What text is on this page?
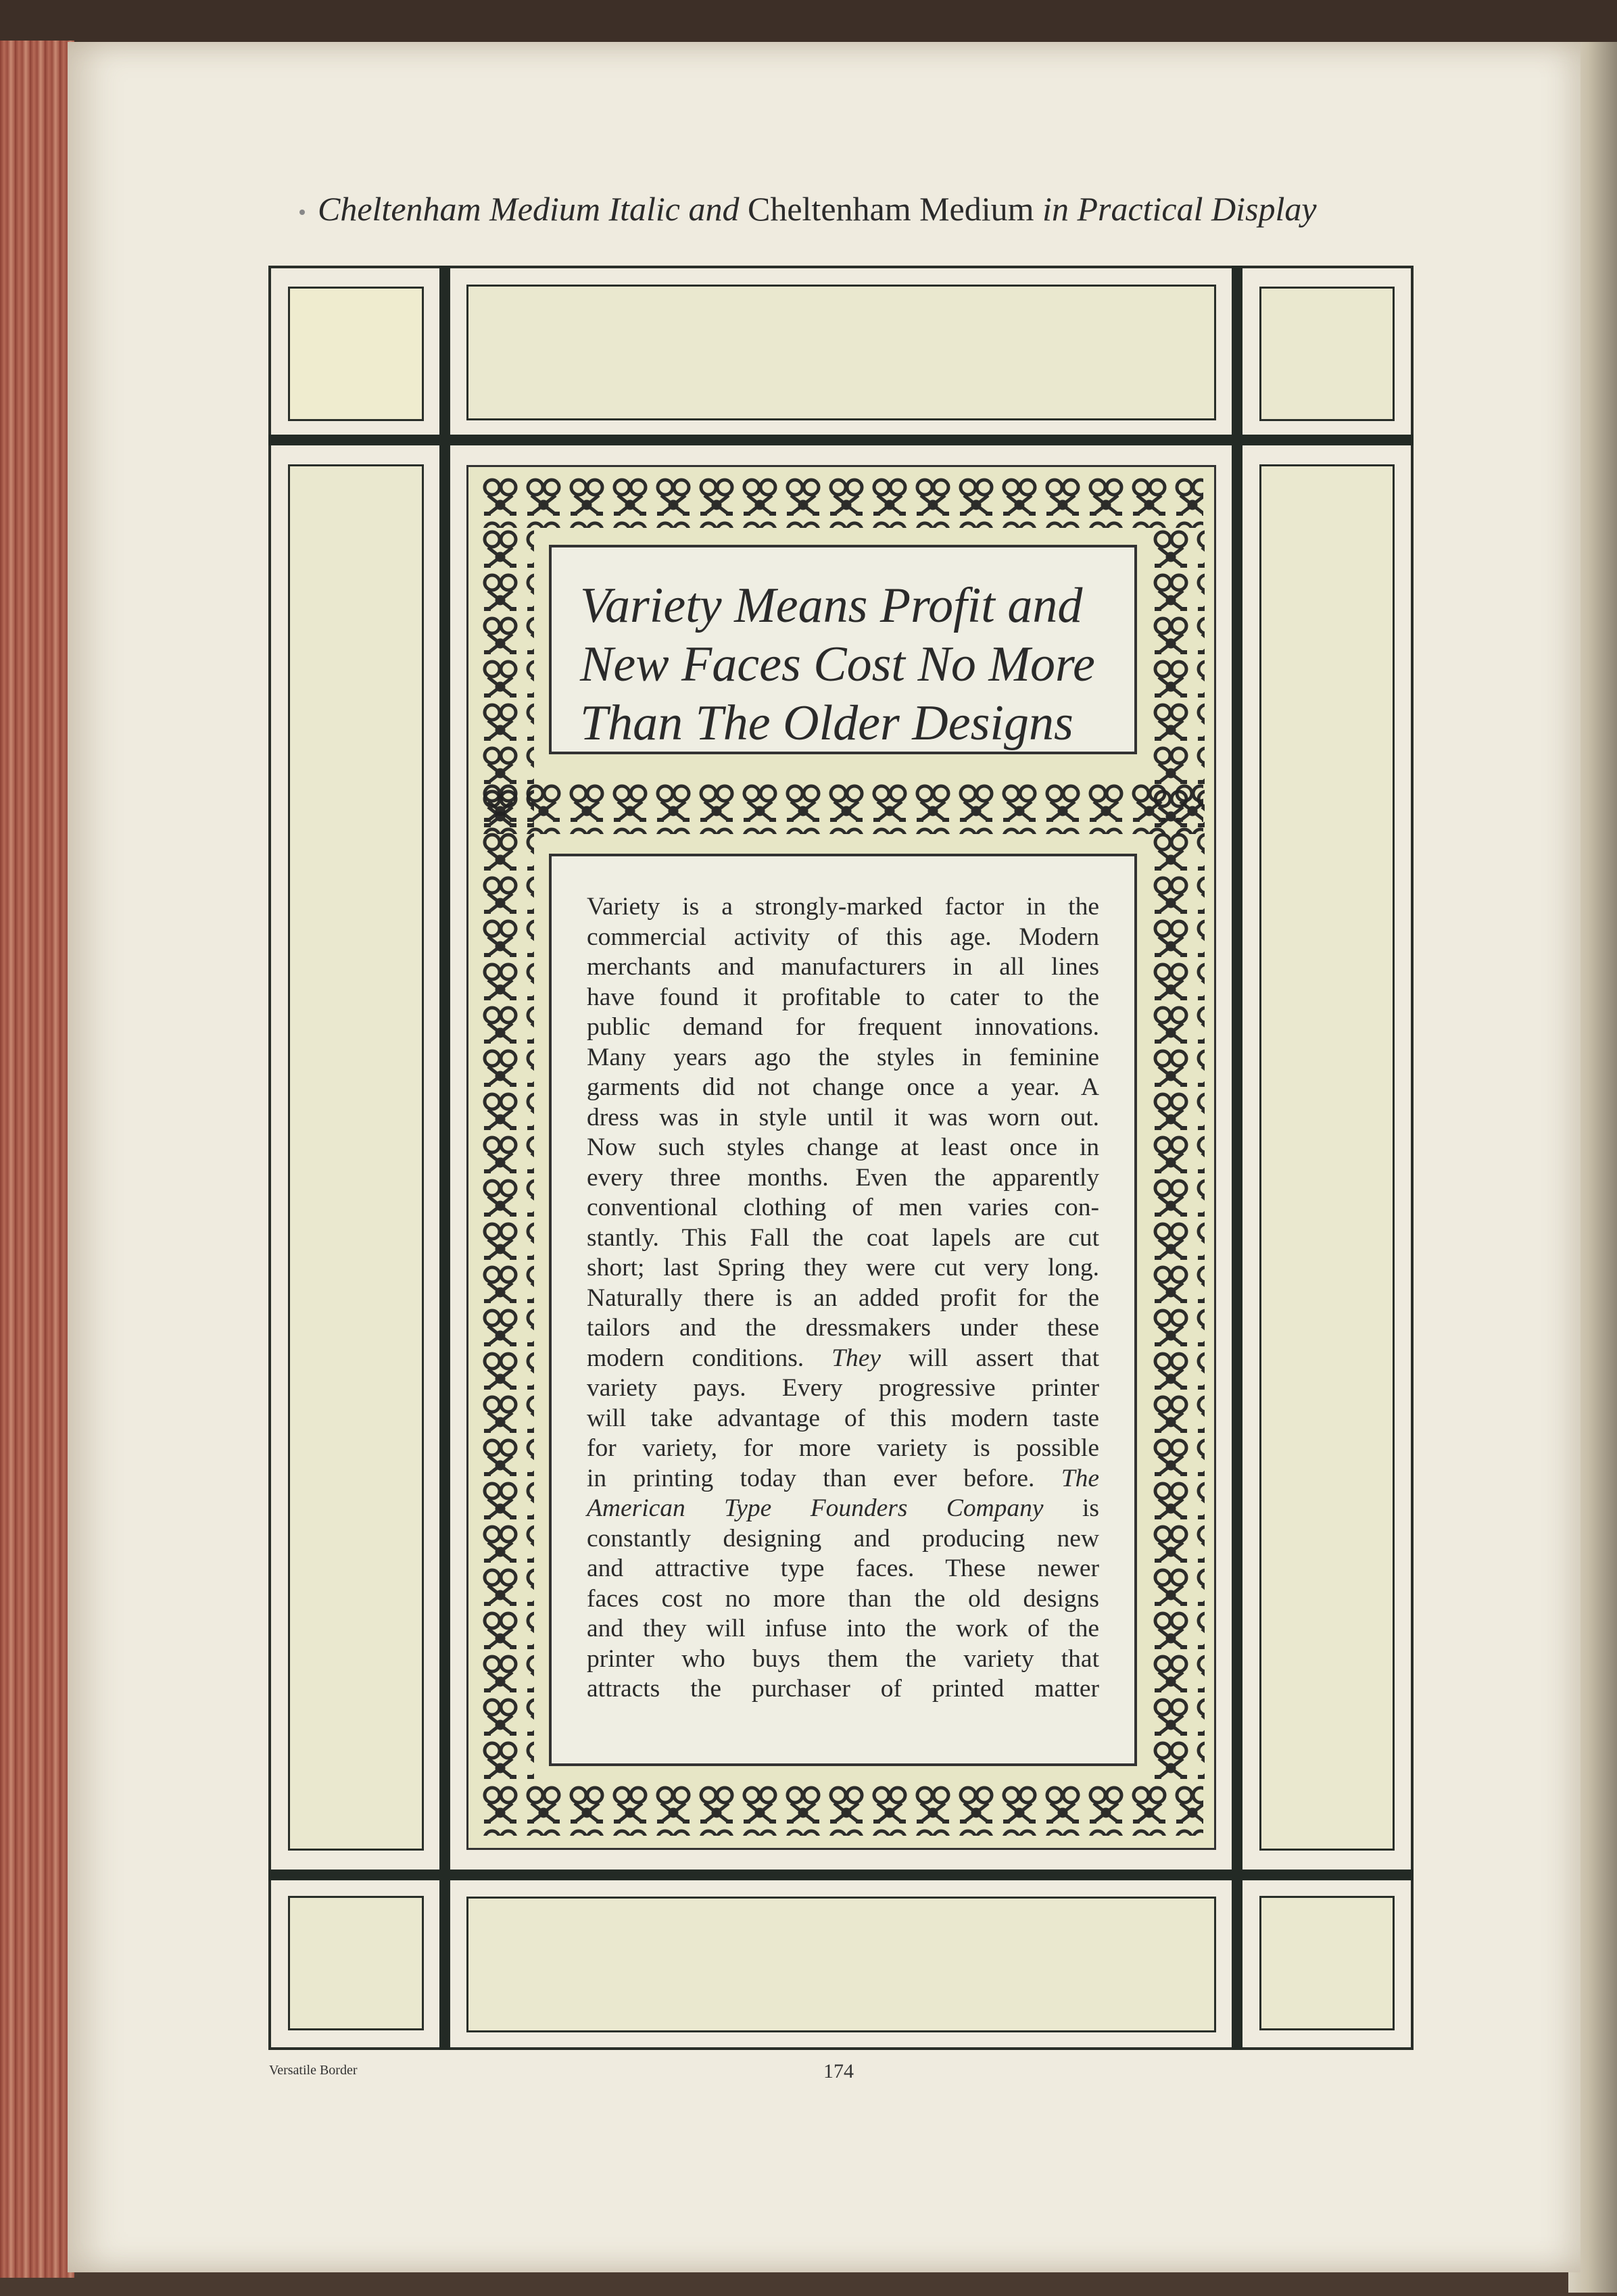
Cheltenham Medium Italic and Cheltenham Medium in Practical Display
Variety Means Profit and
New Faces Cost No More
Than The Older Designs

Variety is a strongly-marked factor in the

commercial activity of this age. Modern

merchants and manufacturers in all lines

have found it profitable to cater to the

public demand for frequent innovations.

Many years ago the styles in feminine

garments did not change once a year. A

dress was in style until it was worn out.

Now such styles change at least once in

every three months. Even the apparently

conventional clothing of men varies con-

stantly. This Fall the coat lapels are cut

short; last Spring they were cut very long.

Naturally there is an added profit for the

tailors and the dressmakers under these

modern conditions. They will assert that

variety pays. Every progressive printer

will take advantage of this modern taste

for variety, for more variety is possible

in printing today than ever before. The

American Type Founders Company is

constantly designing and producing new

and attractive type faces. These newer

faces cost no more than the old designs

and they will infuse into the work of the

printer who buys them the variety that

attracts the purchaser of printed matter

Versatile Border	174
